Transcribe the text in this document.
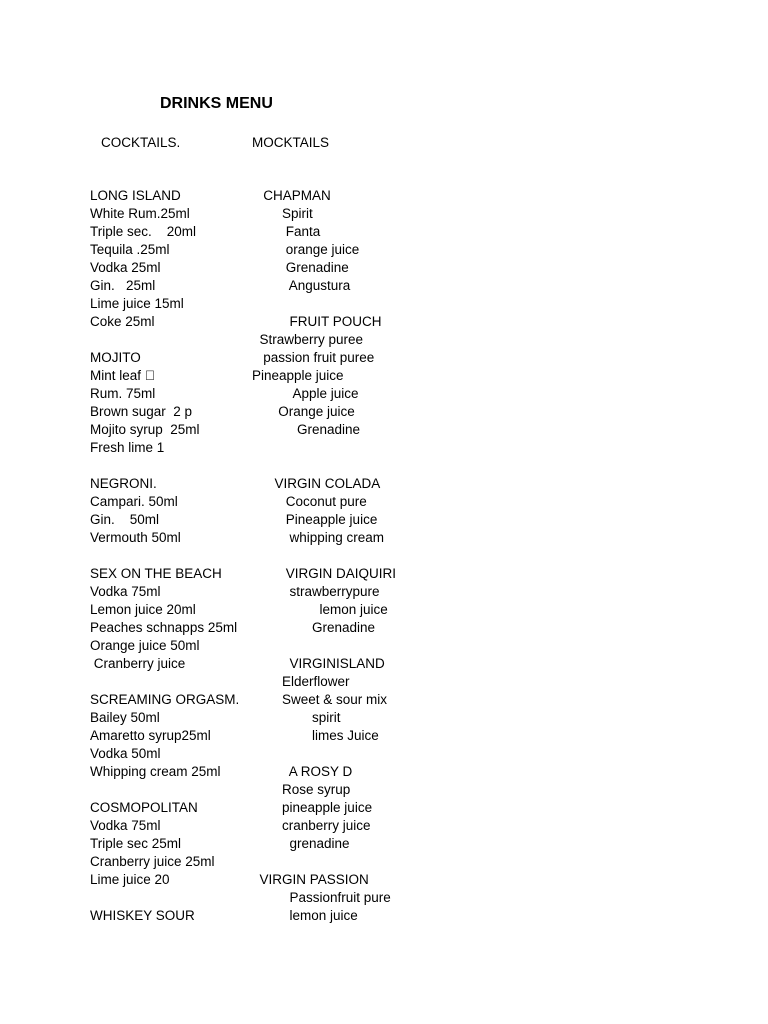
DRINKS MENU
COCKTAILS.	MOCKTAILS
LONG ISLAND
White Rum.25ml
Triple sec.    20ml
Tequila .25ml
Vodka 25ml
Gin.   25ml
Lime juice 15ml
Coke 25ml
MOJITO
Mint leaf
Rum. 75ml
Brown sugar  2 p
Mojito syrup  25ml
Fresh lime 1
NEGRONI.
Campari. 50ml
Gin.    50ml
Vermouth 50ml
SEX ON THE BEACH
Vodka 75ml
Lemon juice 20ml
Peaches schnapps 25ml
Orange juice 50ml
Cranberry juice
SCREAMING ORGASM.
Bailey 50ml
Amaretto syrup25ml
Vodka 50ml
Whipping cream 25ml
COSMOPOLITAN
Vodka 75ml
Triple sec 25ml
Cranberry juice 25ml
Lime juice 20
WHISKEY SOUR
CHAPMAN
Spirit
Fanta
orange juice
Grenadine
Angustura
FRUIT POUCH
Strawberry puree
passion fruit puree
Pineapple juice
Apple juice
Orange juice
Grenadine
VIRGIN COLADA
Coconut pure
Pineapple juice
whipping cream
VIRGIN DAIQUIRI
strawberrypure
lemon juice
Grenadine
VIRGINISLAND
Elderflower
Sweet & sour mix
spirit
limes Juice
A ROSY D
Rose syrup
pineapple juice
cranberry juice
grenadine
VIRGIN PASSION
Passionfruit pure
lemon juice
